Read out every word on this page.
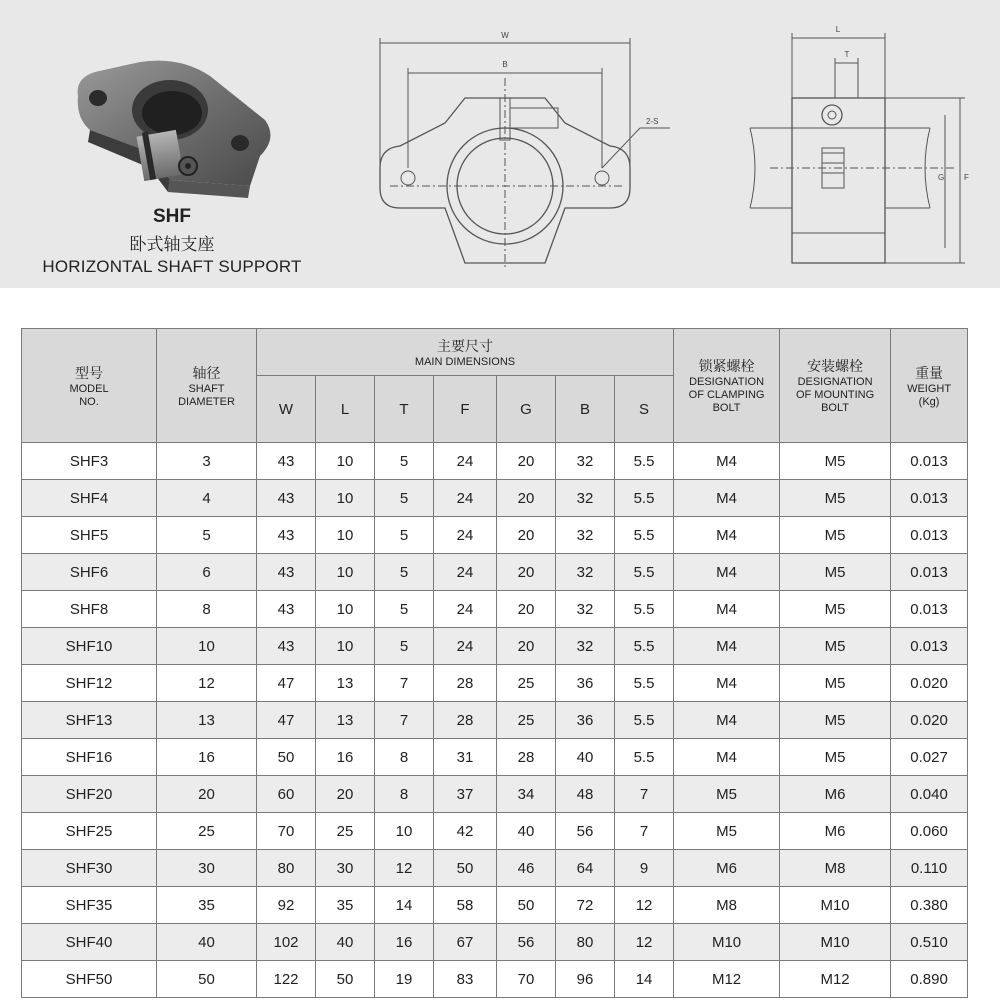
SHF
卧式轴支座
HORIZONTAL SHAFT SUPPORT
W
B
2-S
L
T
G F
型号
MODEL
NO.	轴径
SHAFT
DIAMETER	主要尺寸
MAIN DIMENSIONS							锁紧螺栓
DESIGNATION
OF CLAMPING
BOLT	安装螺栓
DESIGNATION
OF MOUNTING
BOLT	重量
WEIGHT
(Kg)

		W	L	T	F	G	B	S			
SHF3	3	43	10	5	24	20	32	5.5	M4	M5	0.013
SHF4	4	43	10	5	24	20	32	5.5	M4	M5	0.013
SHF5	5	43	10	5	24	20	32	5.5	M4	M5	0.013
SHF6	6	43	10	5	24	20	32	5.5	M4	M5	0.013
SHF8	8	43	10	5	24	20	32	5.5	M4	M5	0.013
SHF10	10	43	10	5	24	20	32	5.5	M4	M5	0.013
SHF12	12	47	13	7	28	25	36	5.5	M4	M5	0.020
SHF13	13	47	13	7	28	25	36	5.5	M4	M5	0.020
SHF16	16	50	16	8	31	28	40	5.5	M4	M5	0.027
SHF20	20	60	20	8	37	34	48	7	M5	M6	0.040
SHF25	25	70	25	10	42	40	56	7	M5	M6	0.060
SHF30	30	80	30	12	50	46	64	9	M6	M8	0.110
SHF35	35	92	35	14	58	50	72	12	M8	M10	0.380
SHF40	40	102	40	16	67	56	80	12	M10	M10	0.510
SHF50	50	122	50	19	83	70	96	14	M12	M12	0.890
